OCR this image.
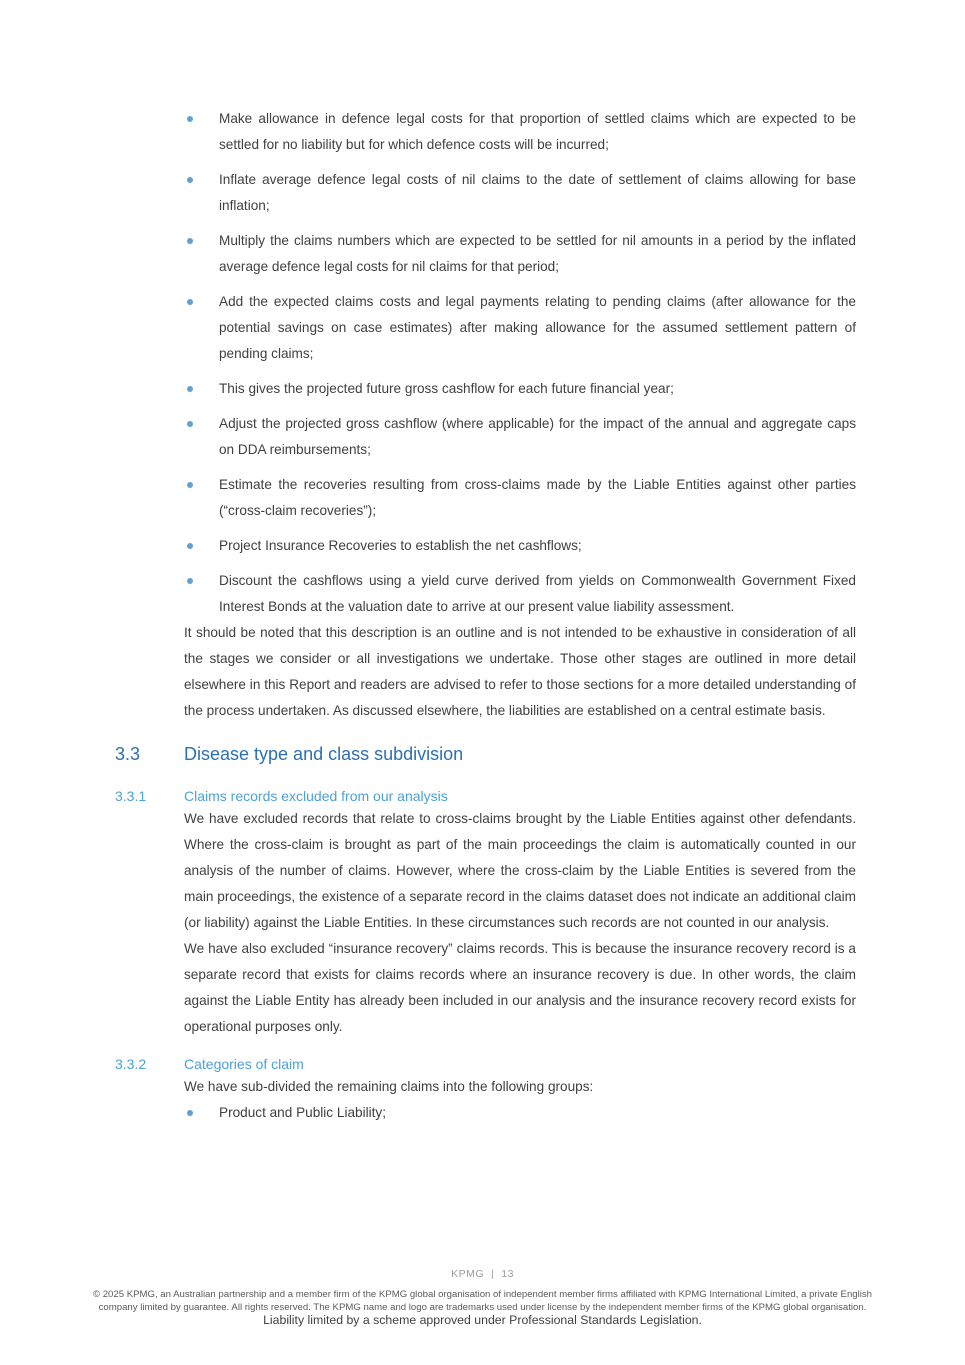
Make allowance in defence legal costs for that proportion of settled claims which are expected to be settled for no liability but for which defence costs will be incurred;
Inflate average defence legal costs of nil claims to the date of settlement of claims allowing for base inflation;
Multiply the claims numbers which are expected to be settled for nil amounts in a period by the inflated average defence legal costs for nil claims for that period;
Add the expected claims costs and legal payments relating to pending claims (after allowance for the potential savings on case estimates) after making allowance for the assumed settlement pattern of pending claims;
This gives the projected future gross cashflow for each future financial year;
Adjust the projected gross cashflow (where applicable) for the impact of the annual and aggregate caps on DDA reimbursements;
Estimate the recoveries resulting from cross-claims made by the Liable Entities against other parties (“cross-claim recoveries”);
Project Insurance Recoveries to establish the net cashflows;
Discount the cashflows using a yield curve derived from yields on Commonwealth Government Fixed Interest Bonds at the valuation date to arrive at our present value liability assessment.

It should be noted that this description is an outline and is not intended to be exhaustive in consideration of all the stages we consider or all investigations we undertake. Those other stages are outlined in more detail elsewhere in this Report and readers are advised to refer to those sections for a more detailed understanding of the process undertaken. As discussed elsewhere, the liabilities are established on a central estimate basis.

3.3	Disease type and class subdivision
3.3.1	Claims records excluded from our analysis

We have excluded records that relate to cross-claims brought by the Liable Entities against other defendants. Where the cross-claim is brought as part of the main proceedings the claim is automatically counted in our analysis of the number of claims. However, where the cross-claim by the Liable Entities is severed from the main proceedings, the existence of a separate record in the claims dataset does not indicate an additional claim (or liability) against the Liable Entities. In these circumstances such records are not counted in our analysis.

We have also excluded “insurance recovery” claims records. This is because the insurance recovery record is a separate record that exists for claims records where an insurance recovery is due. In other words, the claim against the Liable Entity has already been included in our analysis and the insurance recovery record exists for operational purposes only.

3.3.2	Categories of claim

We have sub-divided the remaining claims into the following groups:

Product and Public Liability;
KPMG | 13
© 2025 KPMG, an Australian partnership and a member firm of the KPMG global organisation of independent member firms affiliated with KPMG International Limited, a private English company limited by guarantee. All rights reserved. The KPMG name and logo are trademarks used under license by the independent member firms of the KPMG global organisation.
Liability limited by a scheme approved under Professional Standards Legislation.
